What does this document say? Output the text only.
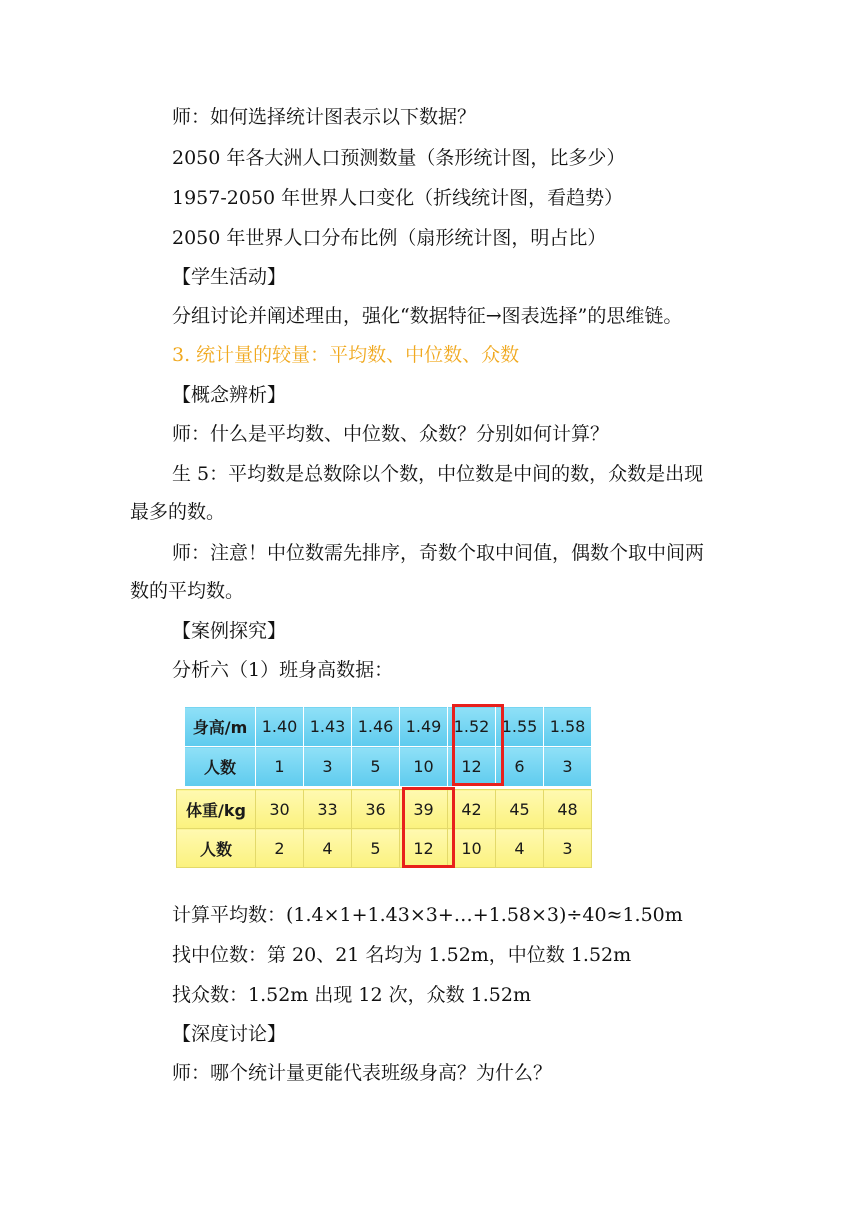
师：如何选择统计图表示以下数据？
2050 年各大洲人口预测数量（条形统计图，比多少）
1957-2050 年世界人口变化（折线统计图，看趋势）
2050 年世界人口分布比例（扇形统计图，明占比）
【学生活动】
分组讨论并阐述理由，强化“数据特征→图表选择”的思维链。
3. 统计量的较量：平均数、中位数、众数
【概念辨析】
师：什么是平均数、中位数、众数？分别如何计算？
生 5：平均数是总数除以个数，中位数是中间的数，众数是出现
最多的数。
师：注意！中位数需先排序，奇数个取中间值，偶数个取中间两
数的平均数。
【案例探究】
分析六（1）班身高数据：
身高/m	1.40	1.43	1.46	1.49	1.52	1.55	1.58
人数	1	3	5	10	12	6	3
体重/kg	30	33	36	39	42	45	48
人数	2	4	5	12	10	4	3
计算平均数：(1.4×1+1.43×3+…+1.58×3)÷40≈1.50m
找中位数：第 20、21 名均为 1.52m，中位数 1.52m
找众数：1.52m 出现 12 次，众数 1.52m
【深度讨论】
师：哪个统计量更能代表班级身高？为什么？
